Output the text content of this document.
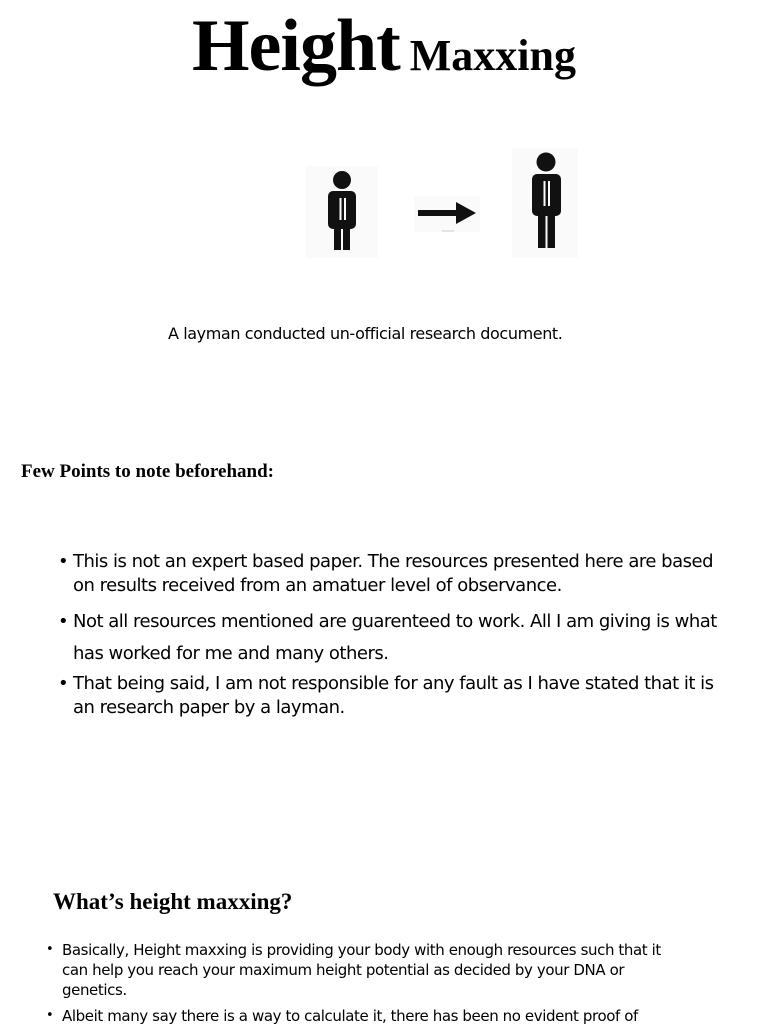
Height Maxxing
A layman conducted un-official research document.
Few Points to note beforehand:
• This is not an expert based paper. The resources presented here are based on results received from an amatuer level of observance.
• Not all resources mentioned are guarenteed to work. All I am giving is what has worked for me and many others.
• That being said, I am not responsible for any fault as I have stated that it is an research paper by a layman.
What’s height maxxing?
• Basically, Height maxxing is providing your body with enough resources such that it can help you reach your maximum height potential as decided by your DNA or genetics.
• Albeit many say there is a way to calculate it, there has been no evident proof of
